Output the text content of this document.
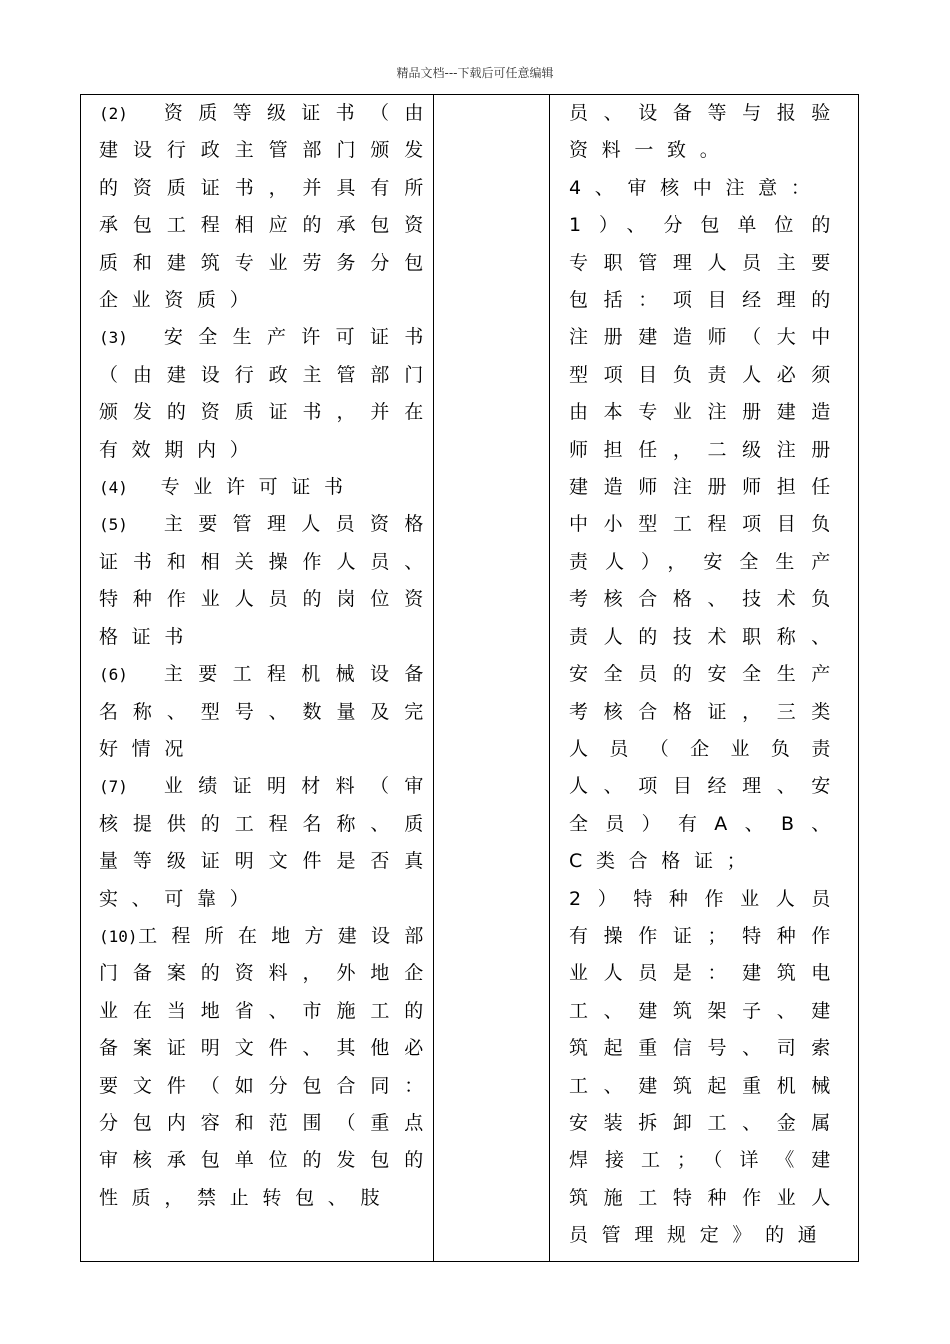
精品文档---下载后可任意编辑

(2)　资质等级证书（由建设行政主管部门颁发的资质证书，并具有所承包工程相应的承包资质和建筑专业劳务分包企业资质）

(3)　安全生产许可证书（由建设行政主管部门颁发的资质证书，并在有效期内）

(4)　专业许可证书

(5)　主要管理人员资格证书和相关操作人员、特种作业人员的岗位资格证书

(6)　主要工程机械设备名称、型号、数量及完好情况

(7)　业绩证明材料（审核提供的工程名称、质量等级证明文件是否真实、可靠）

(10)工程所在地方建设部门备案的资料，外地企业在当地省、市施工的备案证明文件、其他必要文件（如分包合同：分包内容和范围（重点审核承包单位的发包的性质，禁止转包、肢

员、设备等与报验资料一致。

4、审核中注意：

1）、分包单位的专职管理人员主要包括：项目经理的注册建造师（大中型项目负责人必须由本专业注册建造师担任，二级注册建造师注册师担任中小型工程项目负责人），安全生产考核合格、技术负责人的技术职称、安全员的安全生产考核合格证，三类人员（企业负责人、项目经理、安全员）有A、B、C类合格证；

2）特种作业人员有操作证；特种作业人员是：建筑电工、建筑架子、建筑起重信号、司索工、建筑起重机械安装拆卸工、金属焊接工；（详《建筑施工特种作业人员管理规定》的通
